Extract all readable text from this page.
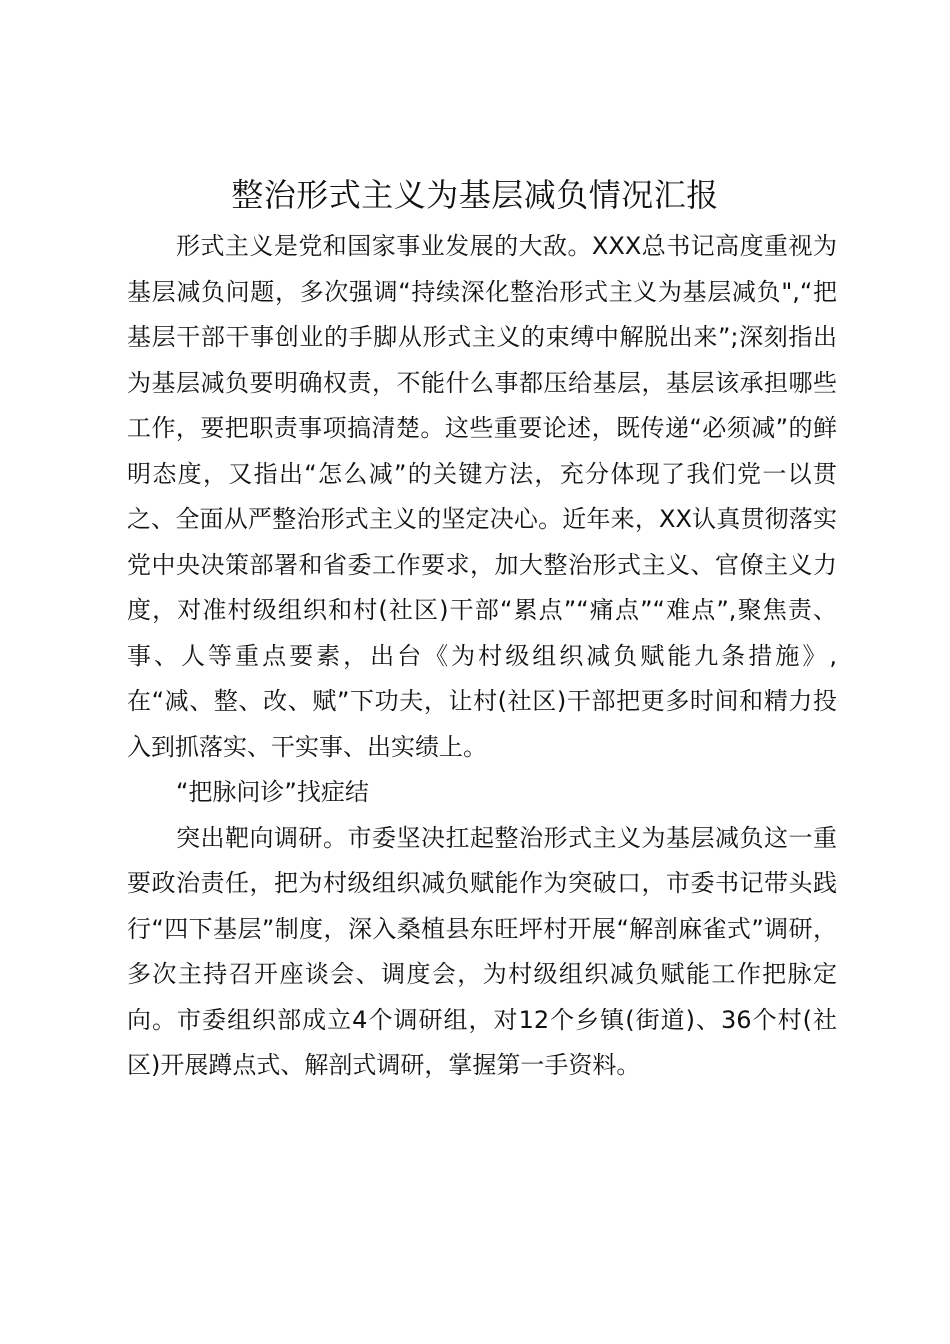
整治形式主义为基层减负情况汇报

形式主义是党和国家事业发展的大敌。XXX总书记高度重视为基层减负问题，多次强调“持续深化整治形式主义为基层减负",“把基层干部干事创业的手脚从形式主义的束缚中解脱出来”;深刻指出为基层减负要明确权责，不能什么事都压给基层，基层该承担哪些工作，要把职责事项搞清楚。这些重要论述，既传递“必须减”的鲜明态度，又指出“怎么减”的关键方法，充分体现了我们党一以贯之、全面从严整治形式主义的坚定决心。近年来，XX认真贯彻落实党中央决策部署和省委工作要求，加大整治形式主义、官僚主义力度，对准村级组织和村(社区)干部“累点”“痛点”“难点”,聚焦责、事、人等重点要素，出台《为村级组织减负赋能九条措施》,在“减、整、改、赋”下功夫，让村(社区)干部把更多时间和精力投入到抓落实、干实事、出实绩上。

“把脉问诊”找症结

突出靶向调研。市委坚决扛起整治形式主义为基层减负这一重要政治责任，把为村级组织减负赋能作为突破口，市委书记带头践行“四下基层”制度，深入桑植县东旺坪村开展“解剖麻雀式”调研，多次主持召开座谈会、调度会，为村级组织减负赋能工作把脉定向。市委组织部成立4个调研组，对12个乡镇(街道)、36个村(社区)开展蹲点式、解剖式调研，掌握第一手资料。
